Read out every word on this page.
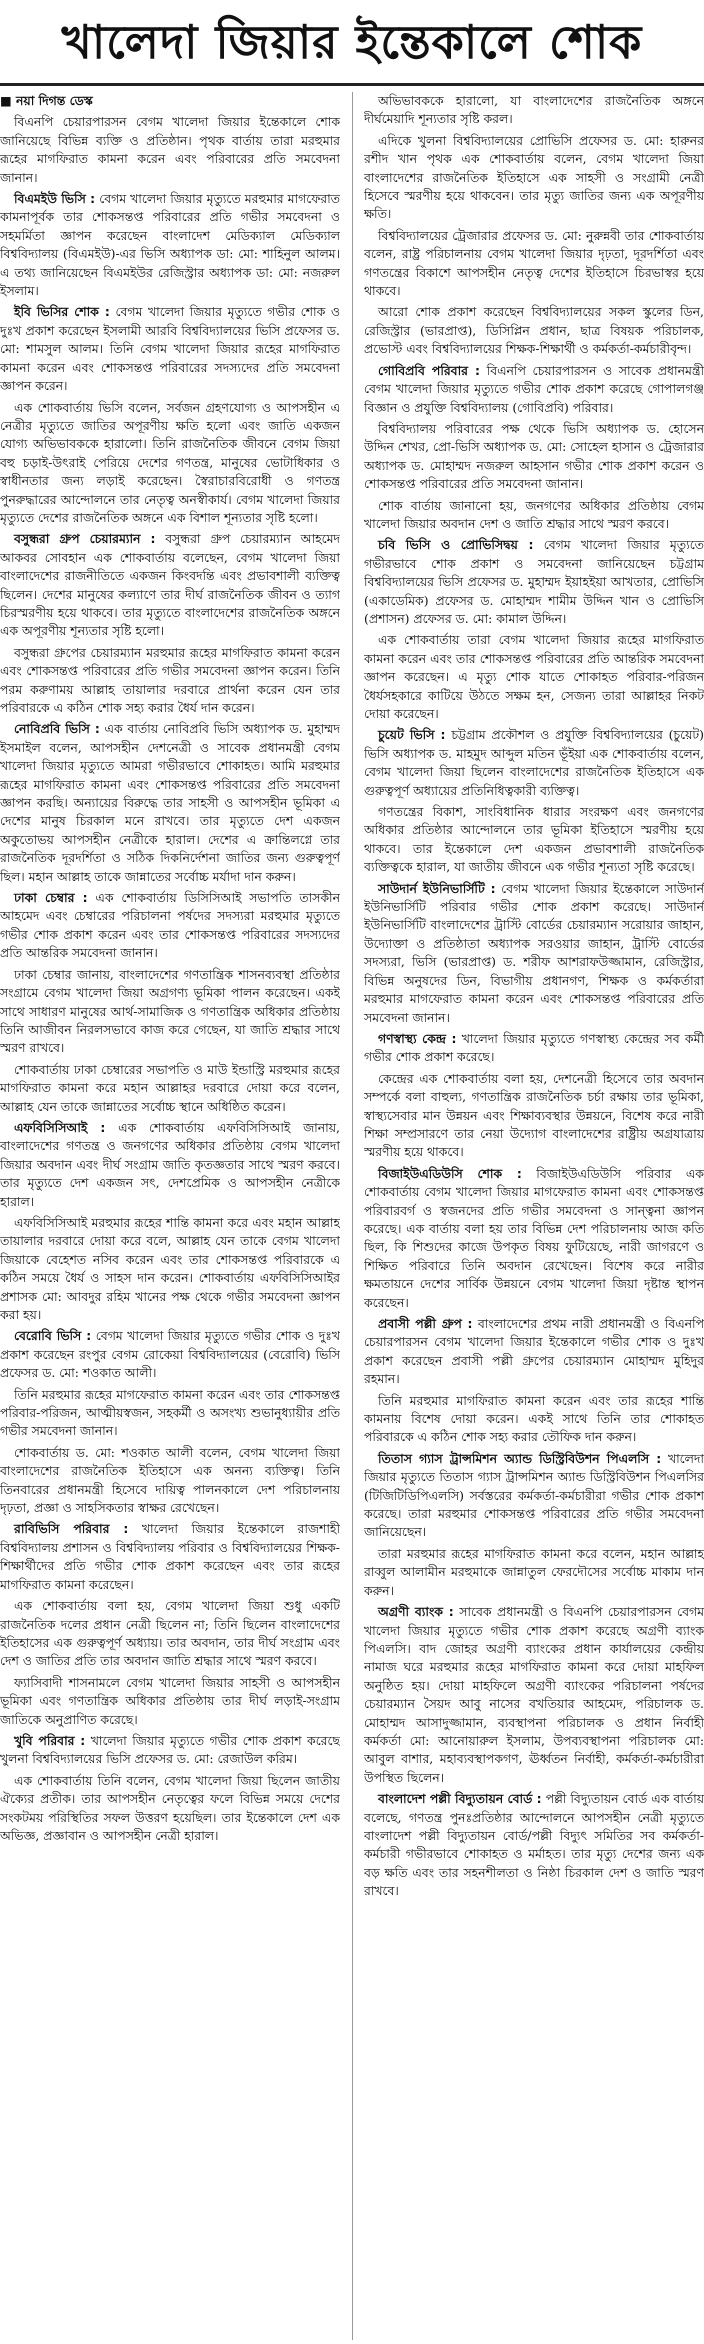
খালেদা জিয়ার ইন্তেকালে শোক

■ নয়া দিগন্ত ডেস্ক

বিএনপি চেয়ারপারসন বেগম খালেদা জিয়ার ইন্তেকালে শোক জানিয়েছে বিভিন্ন ব্যক্তি ও প্রতিষ্ঠান। পৃথক বার্তায় তারা মরহুমার রূহের মাগফিরাত কামনা করেন এবং পরিবারের প্রতি সমবেদনা জানান।

বিএমইউ ভিসি : বেগম খালেদা জিয়ার মৃত্যুতে মরহুমার মাগফেরাত কামনাপূর্বক তার শোকসন্তপ্ত পরিবারের প্রতি গভীর সমবেদনা ও সহমর্মিতা জ্ঞাপন করেছেন বাংলাদেশ মেডিক্যাল মেডিক্যাল বিশ্ববিদ্যালয় (বিএমইউ)-এর ভিসি অধ্যাপক ডা: মো: শাহিনুল আলম। এ তথ্য জানিয়েছেন বিএমইউর রেজিস্ট্রার অধ্যাপক ডা: মো: নজরুল ইসলাম।

ইবি ভিসির শোক : বেগম খালেদা জিয়ার মৃত্যুতে গভীর শোক ও দুঃখ প্রকাশ করেছেন ইসলামী আরবি বিশ্ববিদ্যালয়ের ভিসি প্রফেসর ড. মো: শামসুল আলম। তিনি বেগম খালেদা জিয়ার রূহের মাগফিরাত কামনা করেন এবং শোকসন্তপ্ত পরিবারের সদস্যদের প্রতি সমবেদনা জ্ঞাপন করেন।

এক শোকবার্তায় ভিসি বলেন, সর্বজন গ্রহণযোগ্য ও আপসহীন এ নেত্রীর মৃত্যুতে জাতির অপূরণীয় ক্ষতি হলো এবং জাতি একজন যোগ্য অভিভাবককে হারালো। তিনি রাজনৈতিক জীবনে বেগম জিয়া বহু চড়াই-উৎরাই পেরিয়ে দেশের গণতন্ত্র, মানুষের ভোটাধিকার ও স্বাধীনতার জন্য লড়াই করেছেন। স্বৈরাচারবিরোধী ও গণতন্ত্র পুনরুদ্ধারের আন্দোলনে তার নেতৃত্ব অনস্বীকার্য। বেগম খালেদা জিয়ার মৃত্যুতে দেশের রাজনৈতিক অঙ্গনে এক বিশাল শূন্যতার সৃষ্টি হলো।

বসুন্ধরা গ্রুপ চেয়ারম্যান : বসুন্ধরা গ্রুপ চেয়ারম্যান আহমেদ আকবর সোবহান এক শোকবার্তায় বলেছেন, বেগম খালেদা জিয়া বাংলাদেশের রাজনীতিতে একজন কিংবদন্তি এবং প্রভাবশালী ব্যক্তিত্ব ছিলেন। দেশের মানুষের কল্যাণে তার দীর্ঘ রাজনৈতিক জীবন ও ত্যাগ চিরস্মরণীয় হয়ে থাকবে। তার মৃত্যুতে বাংলাদেশের রাজনৈতিক অঙ্গনে এক অপূরণীয় শূন্যতার সৃষ্টি হলো।

বসুন্ধরা গ্রুপের চেয়ারম্যান মরহুমার রূহের মাগফিরাত কামনা করেন এবং শোকসন্তপ্ত পরিবারের প্রতি গভীর সমবেদনা জ্ঞাপন করেন। তিনি পরম করুণাময় আল্লাহ তায়ালার দরবারে প্রার্থনা করেন যেন তার পরিবারকে এ কঠিন শোক সহ্য করার ধৈর্য দান করেন।

নোবিপ্রবি ভিসি : এক বার্তায় নোবিপ্রবি ভিসি অধ্যাপক ড. মুহাম্মদ ইসমাইল বলেন, আপসহীন দেশনেত্রী ও সাবেক প্রধানমন্ত্রী বেগম খালেদা জিয়ার মৃত্যুতে আমরা গভীরভাবে শোকাহত। আমি মরহুমার রূহের মাগফিরাত কামনা এবং শোকসন্তপ্ত পরিবারের প্রতি সমবেদনা জ্ঞাপন করছি। অন্যায়ের বিরুদ্ধে তার সাহসী ও আপসহীন ভূমিকা এ দেশের মানুষ চিরকাল মনে রাখবে। তার মৃত্যুতে দেশ একজন অকুতোভয় আপসহীন নেত্রীকে হারাল। দেশের এ ক্রান্তিলগ্নে তার রাজনৈতিক দূরদর্শিতা ও সঠিক দিকনির্দেশনা জাতির জন্য গুরুত্বপূর্ণ ছিল। মহান আল্লাহ তাকে জান্নাতের সর্বোচ্চ মর্যাদা দান করুন।

ঢাকা চেম্বার : এক শোকবার্তায় ডিসিসিআই সভাপতি তাসকীন আহমেদ এবং চেম্বারের পরিচালনা পর্ষদের সদস্যরা মরহুমার মৃত্যুতে গভীর শোক প্রকাশ করেন এবং তার শোকসন্তপ্ত পরিবারের সদস্যদের প্রতি আন্তরিক সমবেদনা জানান।

ঢাকা চেম্বার জানায়, বাংলাদেশের গণতান্ত্রিক শাসনব্যবস্থা প্রতিষ্ঠার সংগ্রামে বেগম খালেদা জিয়া অগ্রগণ্য ভূমিকা পালন করেছেন। একই সাথে সাধারণ মানুষের আর্থ-সামাজিক ও গণতান্ত্রিক অধিকার প্রতিষ্ঠায় তিনি আজীবন নিরলসভাবে কাজ করে গেছেন, যা জাতি শ্রদ্ধার সাথে স্মরণ রাখবে।

শোকবার্তায় ঢাকা চেম্বারের সভাপতি ও মাউ ইন্ডাস্ট্রি মরহুমার রূহের মাগফিরাত কামনা করে মহান আল্লাহর দরবারে দোয়া করে বলেন, আল্লাহ যেন তাকে জান্নাতের সর্বোচ্চ স্থানে অধিষ্ঠিত করেন।

এফবিসিসিআই : এক শোকবার্তায় এফবিসিসিআই জানায়, বাংলাদেশের গণতন্ত্র ও জনগণের অধিকার প্রতিষ্ঠায় বেগম খালেদা জিয়ার অবদান এবং দীর্ঘ সংগ্রাম জাতি কৃতজ্ঞতার সাথে স্মরণ করবে। তার মৃত্যুতে দেশ একজন সৎ, দেশপ্রেমিক ও আপসহীন নেত্রীকে হারাল।

এফবিসিসিআই মরহুমার রূহের শান্তি কামনা করে এবং মহান আল্লাহ তায়ালার দরবারে দোয়া করে বলে, আল্লাহ যেন তাকে বেগম খালেদা জিয়াকে বেহেশত নসিব করেন এবং তার শোকসন্তপ্ত পরিবারকে এ কঠিন সময়ে ধৈর্য ও সাহস দান করেন। শোকবার্তায় এফবিসিসিআইর প্রশাসক মো: আবদুর রহিম খানের পক্ষ থেকে গভীর সমবেদনা জ্ঞাপন করা হয়।

বেরোবি ভিসি : বেগম খালেদা জিয়ার মৃত্যুতে গভীর শোক ও দুঃখ প্রকাশ করেছেন রংপুর বেগম রোকেয়া বিশ্ববিদ্যালয়ের (বেরোবি) ভিসি প্রফেসর ড. মো: শওকাত আলী।

তিনি মরহুমার রূহের মাগফেরাত কামনা করেন এবং তার শোকসন্তপ্ত পরিবার-পরিজন, আত্মীয়স্বজন, সহকর্মী ও অসংখ্য শুভানুধ্যায়ীর প্রতি গভীর সমবেদনা জানান।

শোকবার্তায় ড. মো: শওকাত আলী বলেন, বেগম খালেদা জিয়া বাংলাদেশের রাজনৈতিক ইতিহাসে এক অনন্য ব্যক্তিত্ব। তিনি তিনবারের প্রধানমন্ত্রী হিসেবে দায়িত্ব পালনকালে দেশ পরিচালনায় দৃঢ়তা, প্রজ্ঞা ও সাহসিকতার স্বাক্ষর রেখেছেন।

রাবিভিসি পরিবার : খালেদা জিয়ার ইন্তেকালে রাজশাহী বিশ্ববিদ্যালয় প্রশাসন ও বিশ্ববিদ্যালয় পরিবার ও বিশ্ববিদ্যালয়ের শিক্ষক-শিক্ষার্থীদের প্রতি গভীর শোক প্রকাশ করেছেন এবং তার রূহের মাগফিরাত কামনা করেছেন।

এক শোকবার্তায় বলা হয়, বেগম খালেদা জিয়া শুধু একটি রাজনৈতিক দলের প্রধান নেত্রী ছিলেন না; তিনি ছিলেন বাংলাদেশের ইতিহাসের এক গুরুত্বপূর্ণ অধ্যায়। তার অবদান, তার দীর্ঘ সংগ্রাম এবং দেশ ও জাতির প্রতি তার অবদান জাতি শ্রদ্ধার সাথে স্মরণ করবে।

ফ্যাসিবাদী শাসনামলে বেগম খালেদা জিয়ার সাহসী ও আপসহীন ভূমিকা এবং গণতান্ত্রিক অধিকার প্রতিষ্ঠায় তার দীর্ঘ লড়াই-সংগ্রাম জাতিকে অনুপ্রাণিত করেছে।

খুবি পরিবার : খালেদা জিয়ার মৃত্যুতে গভীর শোক প্রকাশ করেছে খুলনা বিশ্ববিদ্যালয়ের ভিসি প্রফেসর ড. মো: রেজাউল করিম।

এক শোকবার্তায় তিনি বলেন, বেগম খালেদা জিয়া ছিলেন জাতীয় ঐক্যের প্রতীক। তার আপসহীন নেতৃত্বের ফলে বিভিন্ন সময়ে দেশের সংকটময় পরিস্থিতির সফল উত্তরণ হয়েছিল। তার ইন্তেকালে দেশ এক অভিজ্ঞ, প্রজ্ঞাবান ও আপসহীন নেত্রী হারাল।

অভিভাবককে হারালো, যা বাংলাদেশের রাজনৈতিক অঙ্গনে দীর্ঘমেয়াদি শূন্যতার সৃষ্টি করল।

এদিকে খুলনা বিশ্ববিদ্যালয়ের প্রোভিসি প্রফেসর ড. মো: হারুনর রশীদ খান পৃথক এক শোকবার্তায় বলেন, বেগম খালেদা জিয়া বাংলাদেশের রাজনৈতিক ইতিহাসে এক সাহসী ও সংগ্রামী নেত্রী হিসেবে স্মরণীয় হয়ে থাকবেন। তার মৃত্যু জাতির জন্য এক অপূরণীয় ক্ষতি।

বিশ্ববিদ্যালয়ের ট্রেজারার প্রফেসর ড. মো: নুরুন্নবী তার শোকবার্তায় বলেন, রাষ্ট্র পরিচালনায় বেগম খালেদা জিয়ার দৃঢ়তা, দূরদর্শিতা এবং গণতন্ত্রের বিকাশে আপসহীন নেতৃত্ব দেশের ইতিহাসে চিরভাস্বর হয়ে থাকবে।

আরো শোক প্রকাশ করেছেন বিশ্ববিদ্যালয়ের সকল স্কুলের ডিন, রেজিস্ট্রার (ভারপ্রাপ্ত), ডিসিপ্লিন প্রধান, ছাত্র বিষয়ক পরিচালক, প্রভোস্ট এবং বিশ্ববিদ্যালয়ের শিক্ষক-শিক্ষার্থী ও কর্মকর্তা-কর্মচারীবৃন্দ।

গোবিপ্রবি পরিবার : বিএনপি চেয়ারপারসন ও সাবেক প্রধানমন্ত্রী বেগম খালেদা জিয়ার মৃত্যুতে গভীর শোক প্রকাশ করেছে গোপালগঞ্জ বিজ্ঞান ও প্রযুক্তি বিশ্ববিদ্যালয় (গোবিপ্রবি) পরিবার।

বিশ্ববিদ্যালয় পরিবারের পক্ষ থেকে ভিসি অধ্যাপক ড. হোসেন উদ্দিন শেখর, প্রো-ভিসি অধ্যাপক ড. মো: সোহেল হাসান ও ট্রেজারার অধ্যাপক ড. মোহাম্মদ নজরুল আহসান গভীর শোক প্রকাশ করেন ও শোকসন্তপ্ত পরিবারের প্রতি সমবেদনা জানান।

শোক বার্তায় জানানো হয়, জনগণের অধিকার প্রতিষ্ঠায় বেগম খালেদা জিয়ার অবদান দেশ ও জাতি শ্রদ্ধার সাথে স্মরণ করবে।

চবি ভিসি ও প্রোভিসিদ্বয় : বেগম খালেদা জিয়ার মৃত্যুতে গভীরভাবে শোক প্রকাশ ও সমবেদনা জানিয়েছেন চট্টগ্রাম বিশ্ববিদ্যালয়ের ভিসি প্রফেসর ড. মুহাম্মদ ইয়াহইয়া আখতার, প্রোভিসি (একাডেমিক) প্রফেসর ড. মোহাম্মদ শামীম উদ্দিন খান ও প্রোভিসি (প্রশাসন) প্রফেসর ড. মো: কামাল উদ্দিন।

এক শোকবার্তায় তারা বেগম খালেদা জিয়ার রূহের মাগফিরাত কামনা করেন এবং তার শোকসন্তপ্ত পরিবারের প্রতি আন্তরিক সমবেদনা জ্ঞাপন করেছেন। এ মৃত্যু শোক যাতে শোকাহত পরিবার-পরিজন ধৈর্যসহকারে কাটিয়ে উঠতে সক্ষম হন, সেজন্য তারা আল্লাহর নিকট দোয়া করেছেন।

চুয়েট ভিসি : চট্টগ্রাম প্রকৌশল ও প্রযুক্তি বিশ্ববিদ্যালয়ের (চুয়েট) ভিসি অধ্যাপক ড. মাহমুদ আব্দুল মতিন ভূঁইয়া এক শোকবার্তায় বলেন, বেগম খালেদা জিয়া ছিলেন বাংলাদেশের রাজনৈতিক ইতিহাসে এক গুরুত্বপূর্ণ অধ্যায়ের প্রতিনিধিত্বকারী ব্যক্তিত্ব।

গণতন্ত্রের বিকাশ, সাংবিধানিক ধারার সংরক্ষণ এবং জনগণের অধিকার প্রতিষ্ঠার আন্দোলনে তার ভূমিকা ইতিহাসে স্মরণীয় হয়ে থাকবে। তার ইন্তেকালে দেশ একজন প্রভাবশালী রাজনৈতিক ব্যক্তিত্বকে হারাল, যা জাতীয় জীবনে এক গভীর শূন্যতা সৃষ্টি করেছে।

সাউদার্ন ইউনিভার্সিটি : বেগম খালেদা জিয়ার ইন্তেকালে সাউদার্ন ইউনিভার্সিটি পরিবার গভীর শোক প্রকাশ করেছে। সাউদার্ন ইউনিভার্সিটি বাংলাদেশের ট্রাস্টি বোর্ডের চেয়ারম্যান সরোয়ার জাহান, উদ্যোক্তা ও প্রতিষ্ঠাতা অধ্যাপক সরওয়ার জাহান, ট্রাস্টি বোর্ডের সদস্যরা, ভিসি (ভারপ্রাপ্ত) ড. শরীফ আশরাফউজ্জামান, রেজিস্ট্রার, বিভিন্ন অনুষদের ডিন, বিভাগীয় প্রধানগণ, শিক্ষক ও কর্মকর্তারা মরহুমার মাগফেরাত কামনা করেন এবং শোকসন্তপ্ত পরিবারের প্রতি সমবেদনা জানান।

গণস্বাস্থ্য কেন্দ্র : খালেদা জিয়ার মৃত্যুতে গণস্বাস্থ্য কেন্দ্রের সব কর্মী গভীর শোক প্রকাশ করেছে।

কেন্দ্রের এক শোকবার্তায় বলা হয়, দেশনেত্রী হিসেবে তার অবদান সম্পর্কে বলা বাহুল্য, গণতান্ত্রিক রাজনৈতিক চর্চা রক্ষায় তার ভূমিকা, স্বাস্থ্যসেবার মান উন্নয়ন এবং শিক্ষাব্যবস্থার উন্নয়নে, বিশেষ করে নারী শিক্ষা সম্প্রসারণে তার নেয়া উদ্যোগ বাংলাদেশের রাষ্ট্রীয় অগ্রযাত্রায় স্মরণীয় হয়ে থাকবে।

বিজাইউএডিউসি শোক : বিজাইউএডিউসি পরিবার এক শোকবার্তায় বেগম খালেদা জিয়ার মাগফেরাত কামনা এবং শোকসন্তপ্ত পরিবারবর্গ ও স্বজনদের প্রতি গভীর সমবেদনা ও সান্ত্বনা জ্ঞাপন করেছে। এক বার্তায় বলা হয় তার বিভিন্ন দেশ পরিচালনায় আজ কতি ছিল, কি শিশুদের কাজে উপকৃত বিষয় ফুটিয়েছে, নারী জাগরণে ও শিক্ষিত পরিবারে তিনি অবদান রেখেছেন। বিশেষ করে নারীর ক্ষমতায়নে দেশের সার্বিক উন্নয়নে বেগম খালেদা জিয়া দৃষ্টান্ত স্থাপন করেছেন।

প্রবাসী পল্লী গ্রুপ : বাংলাদেশের প্রথম নারী প্রধানমন্ত্রী ও বিএনপি চেয়ারপারসন বেগম খালেদা জিয়ার ইন্তেকালে গভীর শোক ও দুঃখ প্রকাশ করেছেন প্রবাসী পল্লী গ্রুপের চেয়ারম্যান মোহাম্মদ মুহিদুর রহমান।

তিনি মরহুমার মাগফিরাত কামনা করেন এবং তার রূহের শান্তি কামনায় বিশেষ দোয়া করেন। একই সাথে তিনি তার শোকাহত পরিবারকে এ কঠিন শোক সহ্য করার তৌফিক দান করুন।

তিতাস গ্যাস ট্রান্সমিশন অ্যান্ড ডিস্ট্রিবিউশন পিএলসি : খালেদা জিয়ার মৃত্যুতে তিতাস গ্যাস ট্রান্সমিশন অ্যান্ড ডিস্ট্রিবিউশন পিএলসির (টিজিটিডিপিএলসি) সর্বস্তরের কর্মকর্তা-কর্মচারীরা গভীর শোক প্রকাশ করেছে। তারা মরহুমার শোকসন্তপ্ত পরিবারের প্রতি গভীর সমবেদনা জানিয়েছেন।

তারা মরহুমার রূহের মাগফিরাত কামনা করে বলেন, মহান আল্লাহ রাব্বুল আলামীন মরহুমাকে জান্নাতুল ফেরদৌসের সর্বোচ্চ মাকাম দান করুন।

অগ্রণী ব্যাংক : সাবেক প্রধানমন্ত্রী ও বিএনপি চেয়ারপারসন বেগম খালেদা জিয়ার মৃত্যুতে গভীর শোক প্রকাশ করেছে অগ্রণী ব্যাংক পিএলসি। বাদ জোহর অগ্রণী ব্যাংকের প্রধান কার্যালয়ের কেন্দ্রীয় নামাজ ঘরে মরহুমার রূহের মাগফিরাত কামনা করে দোয়া মাহফিল অনুষ্ঠিত হয়। দোয়া মাহফিলে অগ্রণী ব্যাংকের পরিচালনা পর্ষদের চেয়ারম্যান সৈয়দ আবু নাসের বখতিয়ার আহমেদ, পরিচালক ড. মোহাম্মদ আসাদুজ্জামান, ব্যবস্থাপনা পরিচালক ও প্রধান নির্বাহী কর্মকর্তা মো: আনোয়ারুল ইসলাম, উপব্যবস্থাপনা পরিচালক মো: আবুল বাশার, মহাব্যবস্থাপকগণ, ঊর্ধ্বতন নির্বাহী, কর্মকর্তা-কর্মচারীরা উপস্থিত ছিলেন।

বাংলাদেশ পল্লী বিদ্যুতায়ন বোর্ড : পল্লী বিদ্যুতায়ন বোর্ড এক বার্তায় বলেছে, গণতন্ত্র পুনঃপ্রতিষ্ঠার আন্দোলনে আপসহীন নেত্রী মৃত্যুতে বাংলাদেশ পল্লী বিদ্যুতায়ন বোর্ড/পল্লী বিদ্যুৎ সমিতির সব কর্মকর্তা-কর্মচারী গভীরভাবে শোকাহত ও মর্মাহত। তার মৃত্যু দেশের জন্য এক বড় ক্ষতি এবং তার সহনশীলতা ও নিষ্ঠা চিরকাল দেশ ও জাতি স্মরণ রাখবে।
